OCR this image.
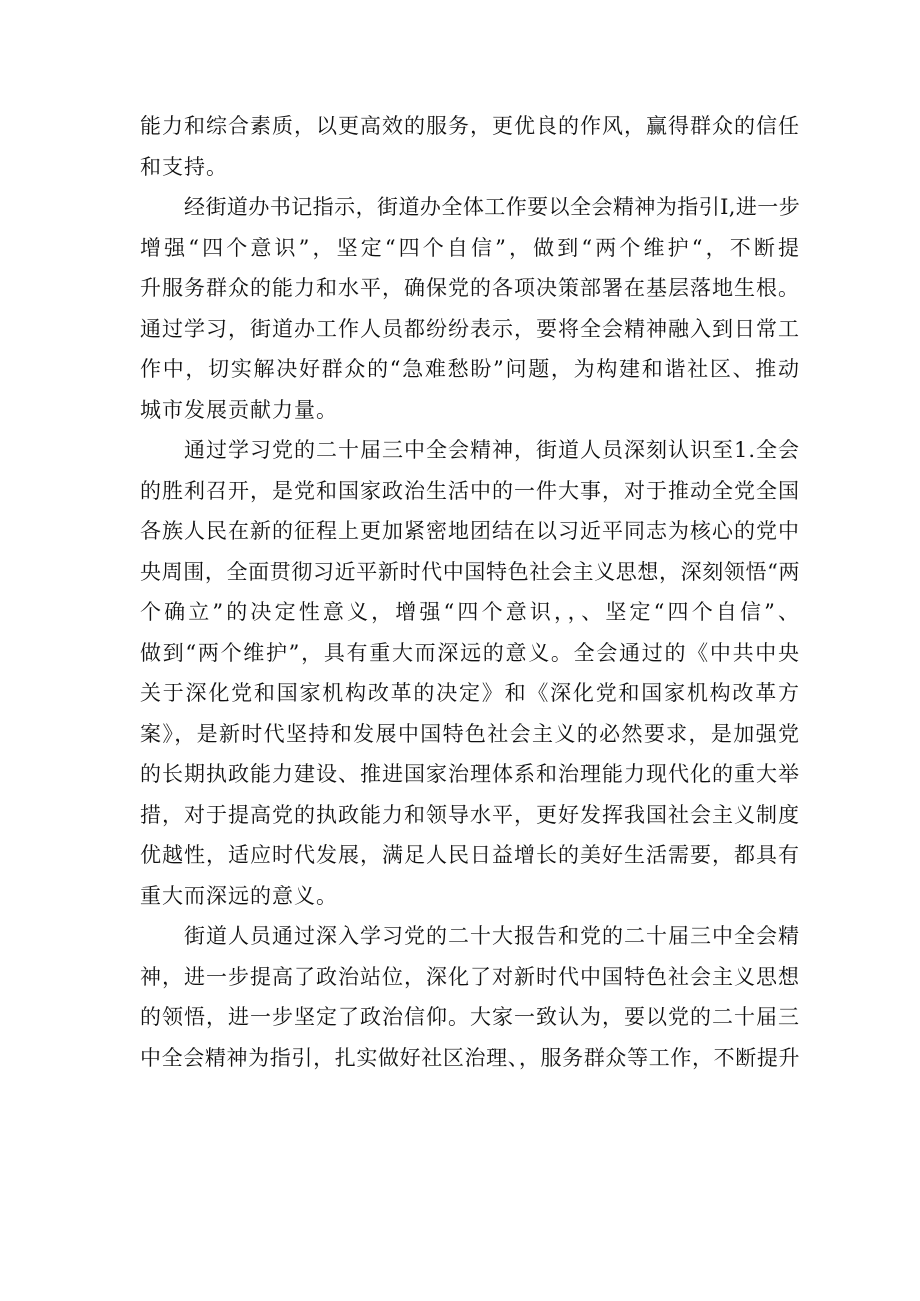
能力和综合素质，以更高效的服务，更优良的作风，赢得群众的信任
和支持。
经街道办书记指示，街道办全体工作要以全会精神为指引I,进一步
增强“四个意识”，坚定“四个自信”，做到“两个维护“，不断提
升服务群众的能力和水平，确保党的各项决策部署在基层落地生根。
通过学习，街道办工作人员都纷纷表示，要将全会精神融入到日常工
作中，切实解决好群众的“急难愁盼”问题，为构建和谐社区、推动
城市发展贡献力量。
通过学习党的二十届三中全会精神，街道人员深刻认识至1.全会
的胜利召开，是党和国家政治生活中的一件大事，对于推动全党全国
各族人民在新的征程上更加紧密地团结在以习近平同志为核心的党中
央周围，全面贯彻习近平新时代中国特色社会主义思想，深刻领悟“两
个确立”的决定性意义，增强“四个意识，，、坚定“四个自信”、
做到“两个维护”，具有重大而深远的意义。全会通过的《中共中央
关于深化党和国家机构改革的决定》和《深化党和国家机构改革方
案》，是新时代坚持和发展中国特色社会主义的必然要求，是加强党
的长期执政能力建设、推进国家治理体系和治理能力现代化的重大举
措，对于提高党的执政能力和领导水平，更好发挥我国社会主义制度
优越性，适应时代发展，满足人民日益增长的美好生活需要，都具有
重大而深远的意义。
街道人员通过深入学习党的二十大报告和党的二十届三中全会精
神，进一步提高了政治站位，深化了对新时代中国特色社会主义思想
的领悟，进一步坚定了政治信仰。大家一致认为，要以党的二十届三
中全会精神为指引，扎实做好社区治理、，服务群众等工作，不断提升
